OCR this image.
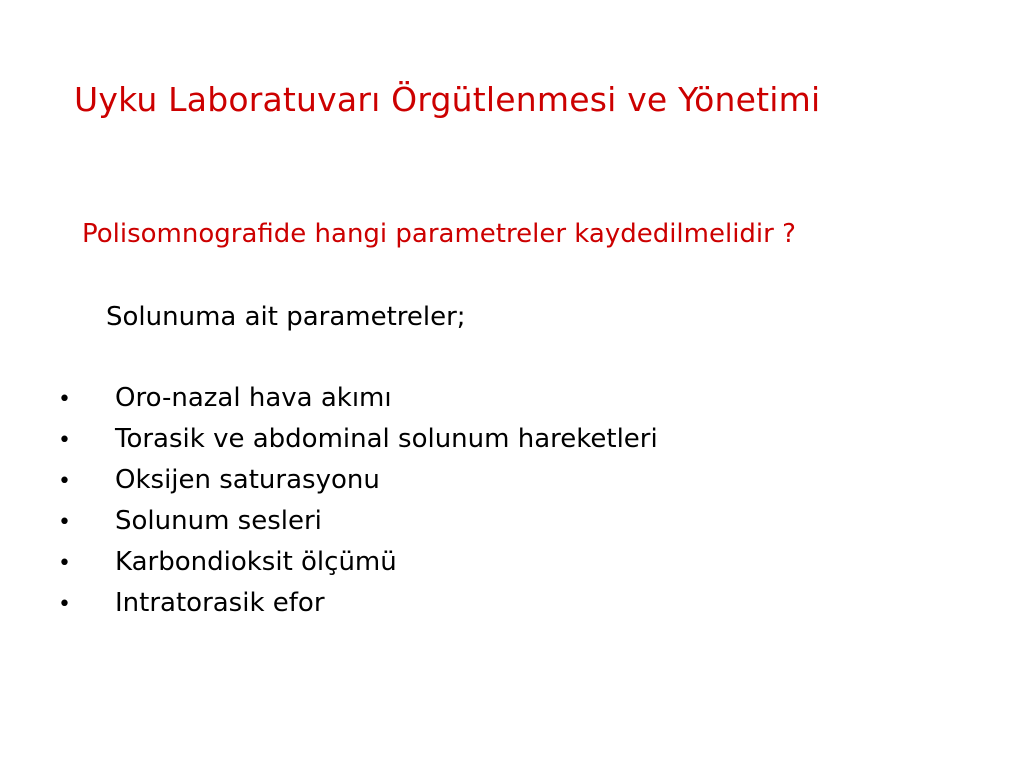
Uyku Laboratuvarı Örgütlenmesi ve Yönetimi
Polisomnografide hangi parametreler kaydedilmelidir ?
Solunuma ait parametreler;
•	Oro-nazal hava akımı
•	Torasik ve abdominal solunum hareketleri
•	Oksijen saturasyonu
•	Solunum sesleri
•	Karbondioksit ölçümü
•	Intratorasik efor
